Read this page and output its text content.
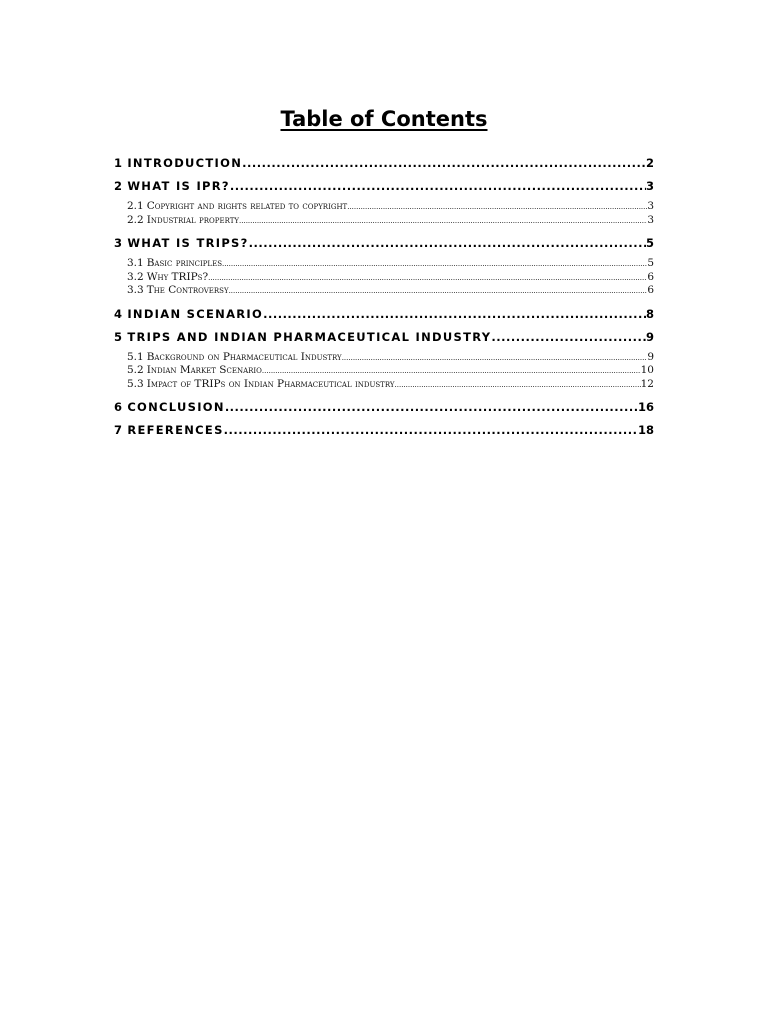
Table of Contents
1 INTRODUCTION .....	2
2 WHAT IS IPR? .....	3
2.1 Copyright and rights related to copyright .....	3
2.2 Industrial property .....	3
3 WHAT IS TRIPS? .....	5
3.1 Basic principles .....	5
3.2 Why TRIPs? .....	6
3.3 The Controversy .....	6
4 INDIAN SCENARIO .....	8
5 TRIPS AND INDIAN PHARMACEUTICAL INDUSTRY .....	9
5.1 Background on Pharmaceutical Industry .....	9
5.2 Indian Market Scenario .....	10
5.3 Impact of TRIPs on Indian Pharmaceutical industry .....	12
6 CONCLUSION .....	16
7 REFERENCES .....	18
